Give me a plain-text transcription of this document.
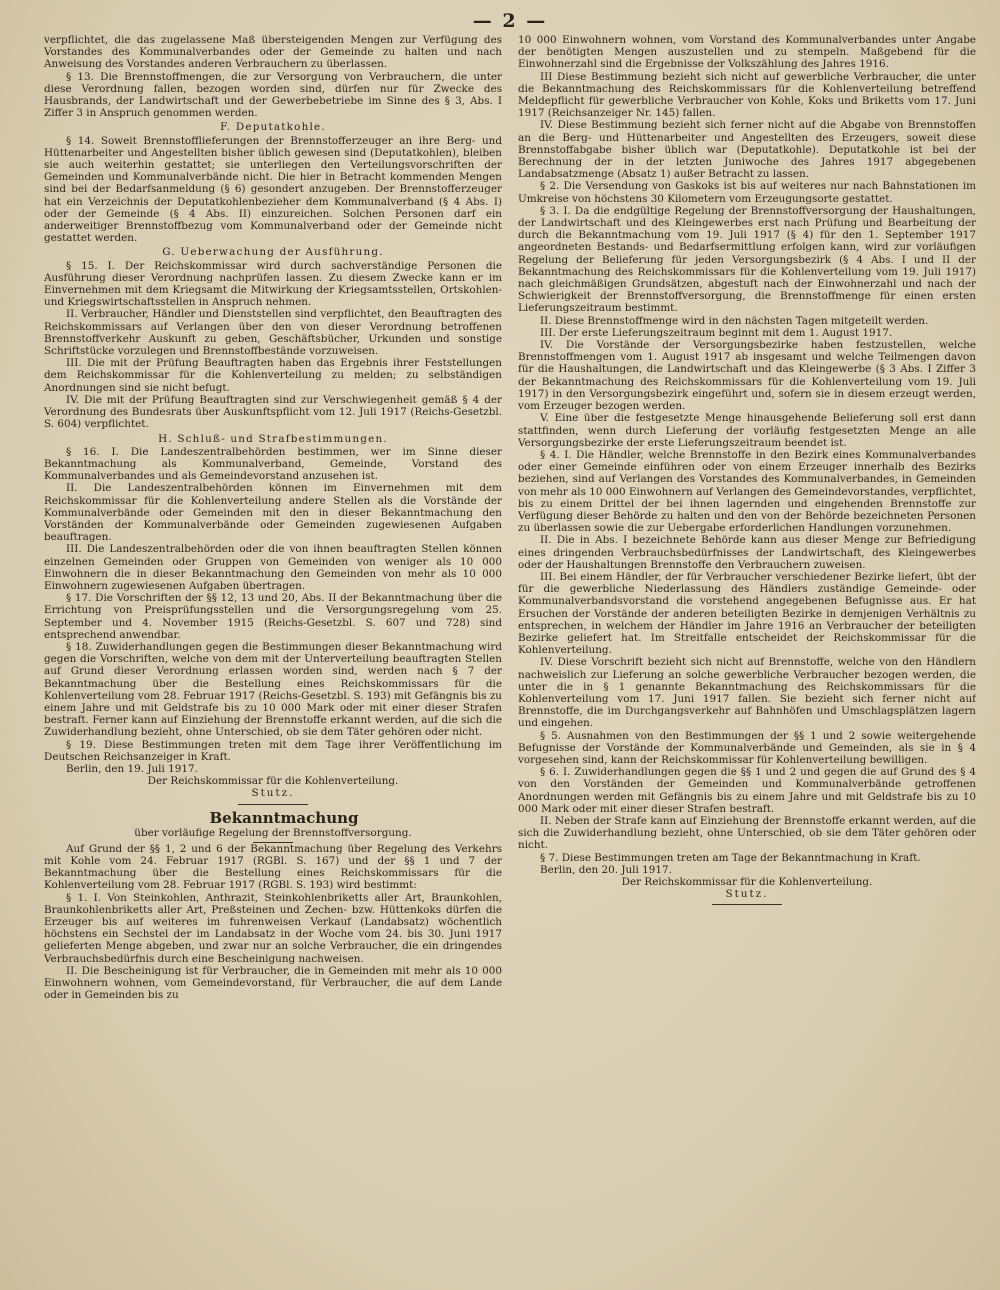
— 2 —

verpflichtet, die das zugelassene Maß übersteigenden Mengen zur Verfügung des Vorstandes des Kommunalverbandes oder der Gemeinde zu halten und nach Anweisung des Vorstandes anderen Verbrauchern zu überlassen.

§ 13. Die Brennstoffmengen, die zur Versorgung von Verbrauchern, die unter diese Verordnung fallen, bezogen worden sind, dürfen nur für Zwecke des Hausbrands, der Landwirtschaft und der Gewerbebetriebe im Sinne des § 3, Abs. I Ziffer 3 in Anspruch genommen werden.

F. Deputatkohle.

§ 14. Soweit Brennstofflieferungen der Brennstofferzeuger an ihre Berg- und Hüttenarbeiter und Angestellten bisher üblich gewesen sind (Deputatkohlen), bleiben sie auch weiterhin gestattet; sie unterliegen den Verteilungsvorschriften der Gemeinden und Kommunalverbände nicht. Die hier in Betracht kommenden Mengen sind bei der Bedarfsanmeldung (§ 6) gesondert anzugeben. Der Brennstofferzeuger hat ein Verzeichnis der Deputatkohlenbezieher dem Kommunalverband (§ 4 Abs. I) oder der Gemeinde (§ 4 Abs. II) einzureichen. Solchen Personen darf ein anderweitiger Brennstoffbezug vom Kommunalverband oder der Gemeinde nicht gestattet werden.

G. Ueberwachung der Ausführung.

§ 15. I. Der Reichskommissar wird durch sachverständige Personen die Ausführung dieser Verordnung nachprüfen lassen. Zu diesem Zwecke kann er im Einvernehmen mit dem Kriegsamt die Mitwirkung der Kriegsamtsstellen, Ortskohlen- und Kriegswirtschaftsstellen in Anspruch nehmen.

II. Verbraucher, Händler und Dienststellen sind verpflichtet, den Beauftragten des Reichskommissars auf Verlangen über den von dieser Verordnung betroffenen Brennstoffverkehr Auskunft zu geben, Geschäftsbücher, Urkunden und sonstige Schriftstücke vorzulegen und Brennstoffbestände vorzuweisen.

III. Die mit der Prüfung Beauftragten haben das Ergebnis ihrer Feststellungen dem Reichskommissar für die Kohlenverteilung zu melden; zu selbständigen Anordnungen sind sie nicht befugt.

IV. Die mit der Prüfung Beauftragten sind zur Verschwiegenheit gemäß § 4 der Verordnung des Bundesrats über Auskunftspflicht vom 12. Juli 1917 (Reichs-Gesetzbl. S. 604) verpflichtet.

H. Schluß- und Strafbestimmungen.

§ 16. I. Die Landeszentralbehörden bestimmen, wer im Sinne dieser Bekanntmachung als Kommunalverband, Gemeinde, Vorstand des Kommunalverbandes und als Gemeindevorstand anzusehen ist.

II. Die Landeszentralbehörden können im Einvernehmen mit dem Reichskommissar für die Kohlenverteilung andere Stellen als die Vorstände der Kommunalverbände oder Gemeinden mit den in dieser Bekanntmachung den Vorständen der Kommunalverbände oder Gemeinden zugewiesenen Aufgaben beauftragen.

III. Die Landeszentralbehörden oder die von ihnen beauftragten Stellen können einzelnen Gemeinden oder Gruppen von Gemeinden von weniger als 10 000 Einwohnern die in dieser Bekanntmachung den Gemeinden von mehr als 10 000 Einwohnern zugewiesenen Aufgaben übertragen.

§ 17. Die Vorschriften der §§ 12, 13 und 20, Abs. II der Bekanntmachung über die Errichtung von Preisprüfungsstellen und die Versorgungsregelung vom 25. September und 4. November 1915 (Reichs-Gesetzbl. S. 607 und 728) sind entsprechend anwendbar.

§ 18. Zuwiderhandlungen gegen die Bestimmungen dieser Bekanntmachung wird gegen die Vorschriften, welche von dem mit der Unterverteilung beauftragten Stellen auf Grund dieser Verordnung erlassen worden sind, werden nach § 7 der Bekanntmachung über die Bestellung eines Reichskommissars für die Kohlenverteilung vom 28. Februar 1917 (Reichs-Gesetzbl. S. 193) mit Gefängnis bis zu einem Jahre und mit Geldstrafe bis zu 10 000 Mark oder mit einer dieser Strafen bestraft. Ferner kann auf Einziehung der Brennstoffe erkannt werden, auf die sich die Zuwiderhandlung bezieht, ohne Unterschied, ob sie dem Täter gehören oder nicht.

§ 19. Diese Bestimmungen treten mit dem Tage ihrer Veröffentlichung im Deutschen Reichsanzeiger in Kraft.

Berlin, den 19. Juli 1917.

Der Reichskommissar für die Kohlenverteilung.

Stutz.

Bekanntmachung

über vorläufige Regelung der Brennstoffversorgung.

Auf Grund der §§ 1, 2 und 6 der Bekanntmachung über Regelung des Verkehrs mit Kohle vom 24. Februar 1917 (RGBl. S. 167) und der §§ 1 und 7 der Bekanntmachung über die Bestellung eines Reichskommissars für die Kohlenverteilung vom 28. Februar 1917 (RGBl. S. 193) wird bestimmt:

§ 1. I. Von Steinkohlen, Anthrazit, Steinkohlenbriketts aller Art, Braunkohlen, Braunkohlenbriketts aller Art, Preßsteinen und Zechen- bzw. Hüttenkoks dürfen die Erzeuger bis auf weiteres im fuhrenweisen Verkauf (Landabsatz) wöchentlich höchstens ein Sechstel der im Landabsatz in der Woche vom 24. bis 30. Juni 1917 gelieferten Menge abgeben, und zwar nur an solche Verbraucher, die ein dringendes Verbrauchsbedürfnis durch eine Bescheinigung nachweisen.

II. Die Bescheinigung ist für Verbraucher, die in Gemeinden mit mehr als 10 000 Einwohnern wohnen, vom Gemeindevorstand, für Verbraucher, die auf dem Lande oder in Gemeinden bis zu

10 000 Einwohnern wohnen, vom Vorstand des Kommunalverbandes unter Angabe der benötigten Mengen auszustellen und zu stempeln. Maßgebend für die Einwohnerzahl sind die Ergebnisse der Volkszählung des Jahres 1916.

III Diese Bestimmung bezieht sich nicht auf gewerbliche Verbraucher, die unter die Bekanntmachung des Reichskommissars für die Kohlenverteilung betreffend Meldepflicht für gewerbliche Verbraucher von Kohle, Koks und Briketts vom 17. Juni 1917 (Reichsanzeiger Nr. 145) fallen.

IV. Diese Bestimmung bezieht sich ferner nicht auf die Abgabe von Brennstoffen an die Berg- und Hüttenarbeiter und Angestellten des Erzeugers, soweit diese Brennstoffabgabe bisher üblich war (Deputatkohle). Deputatkohle ist bei der Berechnung der in der letzten Juniwoche des Jahres 1917 abgegebenen Landabsatzmenge (Absatz 1) außer Betracht zu lassen.

§ 2. Die Versendung von Gaskoks ist bis auf weiteres nur nach Bahnstationen im Umkreise von höchstens 30 Kilometern vom Erzeugungsorte gestattet.

§ 3. I. Da die endgültige Regelung der Brennstoffversorgung der Haushaltungen, der Landwirtschaft und des Kleingewerbes erst nach Prüfung und Bearbeitung der durch die Bekanntmachung vom 19. Juli 1917 (§ 4) für den 1. September 1917 angeordneten Bestands- und Bedarfsermittlung erfolgen kann, wird zur vorläufigen Regelung der Belieferung für jeden Versorgungsbezirk (§ 4 Abs. I und II der Bekanntmachung des Reichskommissars für die Kohlenverteilung vom 19. Juli 1917) nach gleichmäßigen Grundsätzen, abgestuft nach der Einwohnerzahl und nach der Schwierigkeit der Brennstoffversorgung, die Brennstoffmenge für einen ersten Lieferungszeitraum bestimmt.

II. Diese Brennstoffmenge wird in den nächsten Tagen mitgeteilt werden.

III. Der erste Lieferungszeitraum beginnt mit dem 1. August 1917.

IV. Die Vorstände der Versorgungsbezirke haben festzustellen, welche Brennstoffmengen vom 1. August 1917 ab insgesamt und welche Teilmengen davon für die Haushaltungen, die Landwirtschaft und das Kleingewerbe (§ 3 Abs. I Ziffer 3 der Bekanntmachung des Reichskommissars für die Kohlenverteilung vom 19. Juli 1917) in den Versorgungsbezirk eingeführt und, sofern sie in diesem erzeugt werden, vom Erzeuger bezogen werden.

V. Eine über die festgesetzte Menge hinausgehende Belieferung soll erst dann stattfinden, wenn durch Lieferung der vorläufig festgesetzten Menge an alle Versorgungsbezirke der erste Lieferungszeitraum beendet ist.

§ 4. I. Die Händler, welche Brennstoffe in den Bezirk eines Kommunalverbandes oder einer Gemeinde einführen oder von einem Erzeuger innerhalb des Bezirks beziehen, sind auf Verlangen des Vorstandes des Kommunalverbandes, in Gemeinden von mehr als 10 000 Einwohnern auf Verlangen des Gemeindevorstandes, verpflichtet, bis zu einem Drittel der bei ihnen lagernden und eingehenden Brennstoffe zur Verfügung dieser Behörde zu halten und den von der Behörde bezeichneten Personen zu überlassen sowie die zur Uebergabe erforderlichen Handlungen vorzunehmen.

II. Die in Abs. I bezeichnete Behörde kann aus dieser Menge zur Befriedigung eines dringenden Verbrauchsbedürfnisses der Landwirtschaft, des Kleingewerbes oder der Haushaltungen Brennstoffe den Verbrauchern zuweisen.

III. Bei einem Händler, der für Verbraucher verschiedener Bezirke liefert, übt der für die gewerbliche Niederlassung des Händlers zuständige Gemeinde- oder Kommunalverbandsvorstand die vorstehend angegebenen Befugnisse aus. Er hat Ersuchen der Vorstände der anderen beteiligten Bezirke in demjenigen Verhältnis zu entsprechen, in welchem der Händler im Jahre 1916 an Verbraucher der beteiligten Bezirke geliefert hat. Im Streitfalle entscheidet der Reichskommissar für die Kohlenverteilung.

IV. Diese Vorschrift bezieht sich nicht auf Brennstoffe, welche von den Händlern nachweislich zur Lieferung an solche gewerbliche Verbraucher bezogen werden, die unter die in § 1 genannte Bekanntmachung des Reichskommissars für die Kohlenverteilung vom 17. Juni 1917 fallen. Sie bezieht sich ferner nicht auf Brennstoffe, die im Durchgangsverkehr auf Bahnhöfen und Umschlagsplätzen lagern und eingehen.

§ 5. Ausnahmen von den Bestimmungen der §§ 1 und 2 sowie weitergehende Befugnisse der Vorstände der Kommunalverbände und Gemeinden, als sie in § 4 vorgesehen sind, kann der Reichskommissar für Kohlenverteilung bewilligen.

§ 6. I. Zuwiderhandlungen gegen die §§ 1 und 2 und gegen die auf Grund des § 4 von den Vorständen der Gemeinden und Kommunalverbände getroffenen Anordnungen werden mit Gefängnis bis zu einem Jahre und mit Geldstrafe bis zu 10 000 Mark oder mit einer dieser Strafen bestraft.

II. Neben der Strafe kann auf Einziehung der Brennstoffe erkannt werden, auf die sich die Zuwiderhandlung bezieht, ohne Unterschied, ob sie dem Täter gehören oder nicht.

§ 7. Diese Bestimmungen treten am Tage der Bekanntmachung in Kraft.

Berlin, den 20. Juli 1917.

Der Reichskommissar für die Kohlenverteilung.

Stutz.
